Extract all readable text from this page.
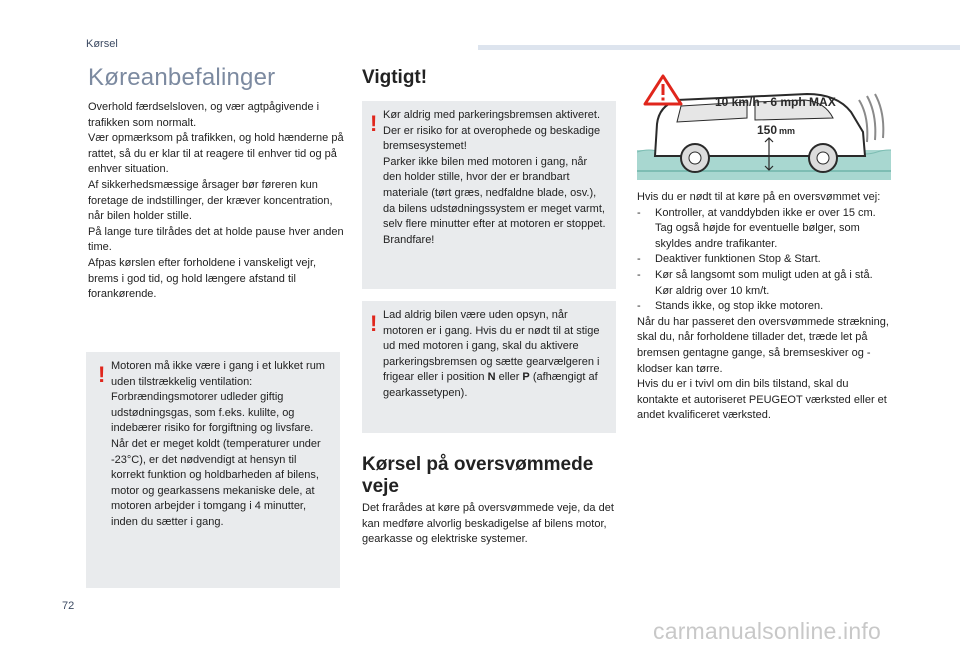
Kørsel
Køreanbefalinger

Overhold færdselsloven, og vær agtpågivende i trafikken som normalt.

Vær opmærksom på trafikken, og hold hænderne på rattet, så du er klar til at reagere til enhver tid og på enhver situation.

Af sikkerhedsmæssige årsager bør føreren kun foretage de indstillinger, der kræver koncentration, når bilen holder stille.

På lange ture tilrådes det at holde pause hver anden time.

Afpas kørslen efter forholdene i vanskeligt vejr, brems i god tid, og hold længere afstand til forankørende.

! Motoren må ikke være i gang i et lukket rum uden tilstrækkelig ventilation: Forbrændingsmotorer udleder giftig udstødningsgas, som f.eks. kulilte, og indebærer risiko for forgiftning og livsfare. Når det er meget koldt (temperaturer under -23°C), er det nødvendigt at hensyn til korrekt funktion og holdbarheden af bilens, motor og gearkassens mekaniske dele, at motoren arbejder i tomgang i 4 minutter, inden du sætter i gang.
Vigtigt!
! Kør aldrig med parkeringsbremsen aktiveret. Der er risiko for at overophede og beskadige bremsesystemet!

Parker ikke bilen med motoren i gang, når den holder stille, hvor der er brandbart materiale (tørt græs, nedfaldne blade, osv.), da bilens udstødningssystem er meget varmt, selv flere minutter efter at motoren er stoppet. Brandfare!

! Lad aldrig bilen være uden opsyn, når motoren er i gang. Hvis du er nødt til at stige ud med motoren i gang, skal du aktivere parkeringsbremsen og sætte gearvælgeren i frigear eller i position N eller P (afhængigt af gearkassetypen).
Kørsel på oversvømmede veje

Det frarådes at køre på oversvømmede veje, da det kan medføre alvorlig beskadigelse af bilens motor, gearkasse og elektriske systemer.

10 km/h - 6 mph MAX
150 mm

Hvis du er nødt til at køre på en oversvømmet vej:

- Kontroller, at vanddybden ikke er over 15 cm. Tag også højde for eventuelle bølger, som skyldes andre trafikanter.
- Deaktiver funktionen Stop & Start.
- Kør så langsomt som muligt uden at gå i stå. Kør aldrig over 10 km/t.
- Stands ikke, og stop ikke motoren.

Når du har passeret den oversvømmede strækning, skal du, når forholdene tillader det, træde let på bremsen gentagne gange, så bremseskiver og -klodser kan tørre.

Hvis du er i tvivl om din bils tilstand, skal du kontakte et autoriseret PEUGEOT værksted eller et andet kvalificeret værksted.

72
carmanualsonline.info
